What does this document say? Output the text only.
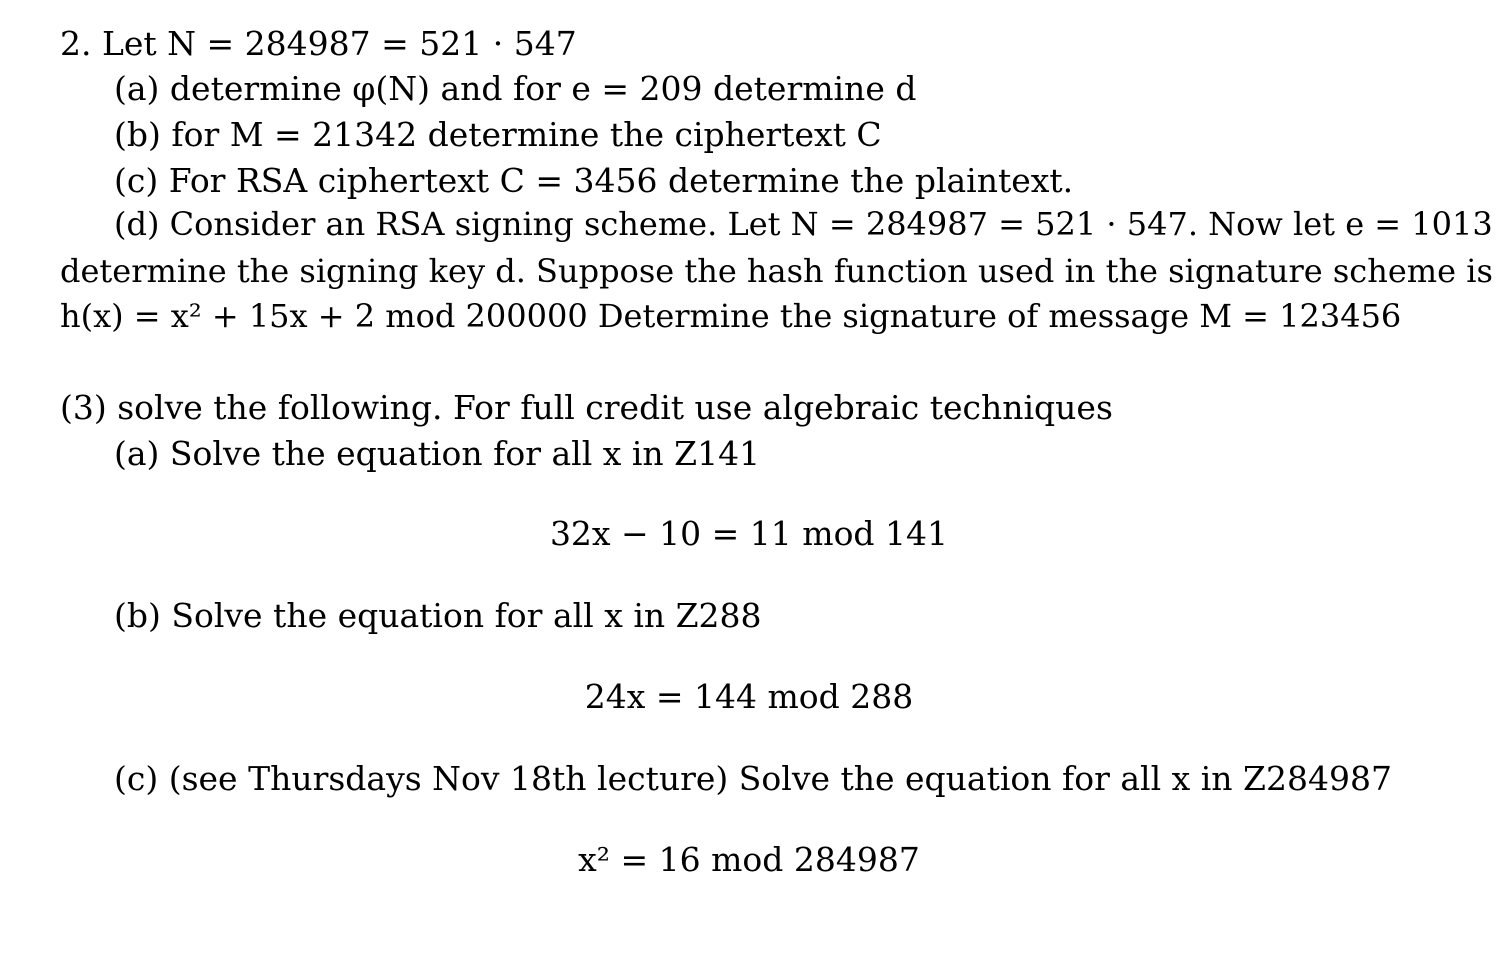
2. Let N = 284987 = 521 · 547
(a) determine φ(N) and for e = 209 determine d
(b) for M = 21342 determine the ciphertext C
(c) For RSA ciphertext C = 3456 determine the plaintext.
(d) Consider an RSA signing scheme. Let N = 284987 = 521 · 547. Now let e = 1013
determine the signing key d. Suppose the hash function used in the signature scheme is
h(x) = x² + 15x + 2 mod 200000 Determine the signature of message M = 123456
(3) solve the following. For full credit use algebraic techniques
(a) Solve the equation for all x in Z141
32x − 10 = 11 mod 141
(b) Solve the equation for all x in Z288
24x = 144 mod 288
(c) (see Thursdays Nov 18th lecture) Solve the equation for all x in Z284987
x² = 16 mod 284987
